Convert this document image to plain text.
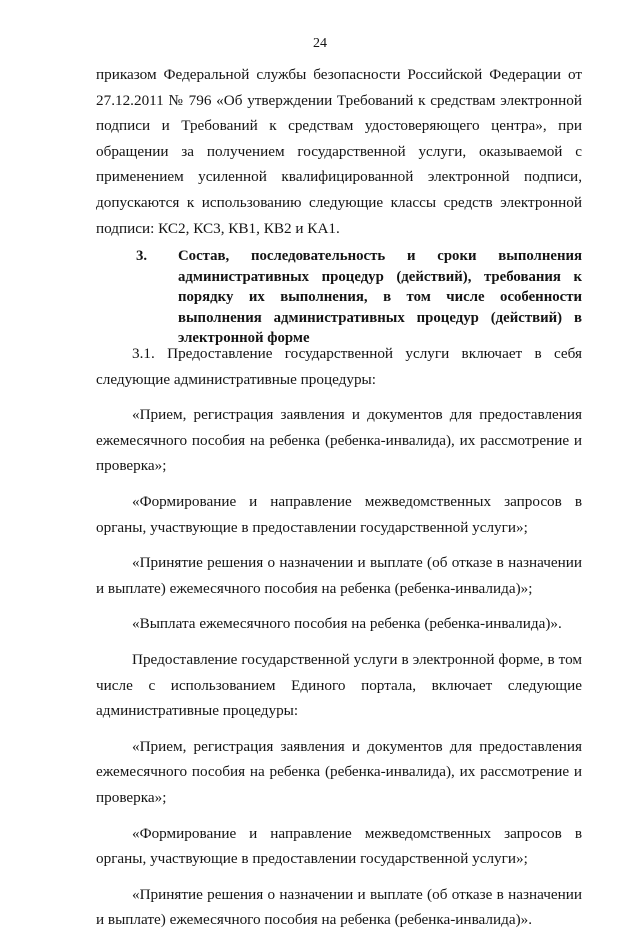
24

приказом Федеральной службы безопасности Российской Федерации от 27.12.2011 № 796 «Об утверждении Требований к средствам электронной подписи и Требований к средствам удостоверяющего центра», при обращении за получением государственной услуги, оказываемой с применением усиленной квалифицированной электронной подписи, допускаются к использованию следующие классы средств электронной подписи: КС2, КС3, КВ1, КВ2 и КА1.

3.	Состав, последовательность и сроки выполнения административных процедур (действий), требования к порядку их выполнения, в том числе особенности выполнения административных процедур (действий) в электронной форме

3.1. Предоставление государственной услуги включает в себя следующие административные процедуры:

«Прием, регистрация заявления и документов для предоставления ежемесячного пособия на ребенка (ребенка-инвалида), их рассмотрение и проверка»;

«Формирование и направление межведомственных запросов в органы, участвующие в предоставлении государственной услуги»;

«Принятие решения о назначении и выплате (об отказе в назначении и выплате) ежемесячного пособия на ребенка (ребенка-инвалида)»;

«Выплата ежемесячного пособия на ребенка (ребенка-инвалида)».

Предоставление государственной услуги в электронной форме, в том числе с использованием Единого портала, включает следующие административные процедуры:

«Прием, регистрация заявления и документов для предоставления ежемесячного пособия на ребенка (ребенка-инвалида), их рассмотрение и проверка»;

«Формирование и направление межведомственных запросов в органы, участвующие в предоставлении государственной услуги»;

«Принятие решения о назначении и выплате (об отказе в назначении и выплате) ежемесячного пособия на ребенка (ребенка-инвалида)».
